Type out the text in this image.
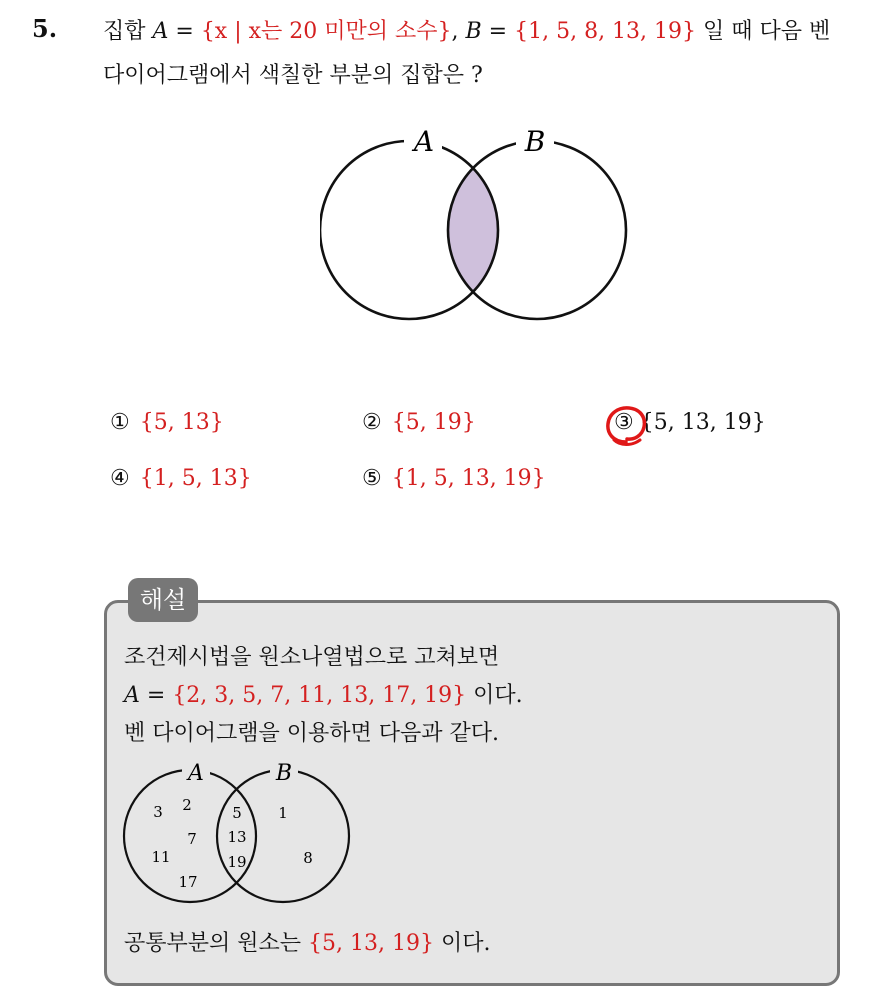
5. 집합 A = {x | x는 20 미만의 소수}, B = {1, 5, 8, 13, 19} 일 때 다음 벤
다이어그램에서 색칠한 부분의 집합은 ?
A	B
① {5, 13}	② {5, 19}	③ {5, 13, 19}
④ {1, 5, 13}	⑤ {1, 5, 13, 19}
해설
조건제시법을 원소나열법으로 고쳐보면
A = {2, 3, 5, 7, 11, 13, 17, 19} 이다.
벤 다이어그램을 이용하면 다음과 같다.
A	B
3 2
7
11
17
5
13
19
1
8
공통부분의 원소는 {5, 13, 19} 이다.
